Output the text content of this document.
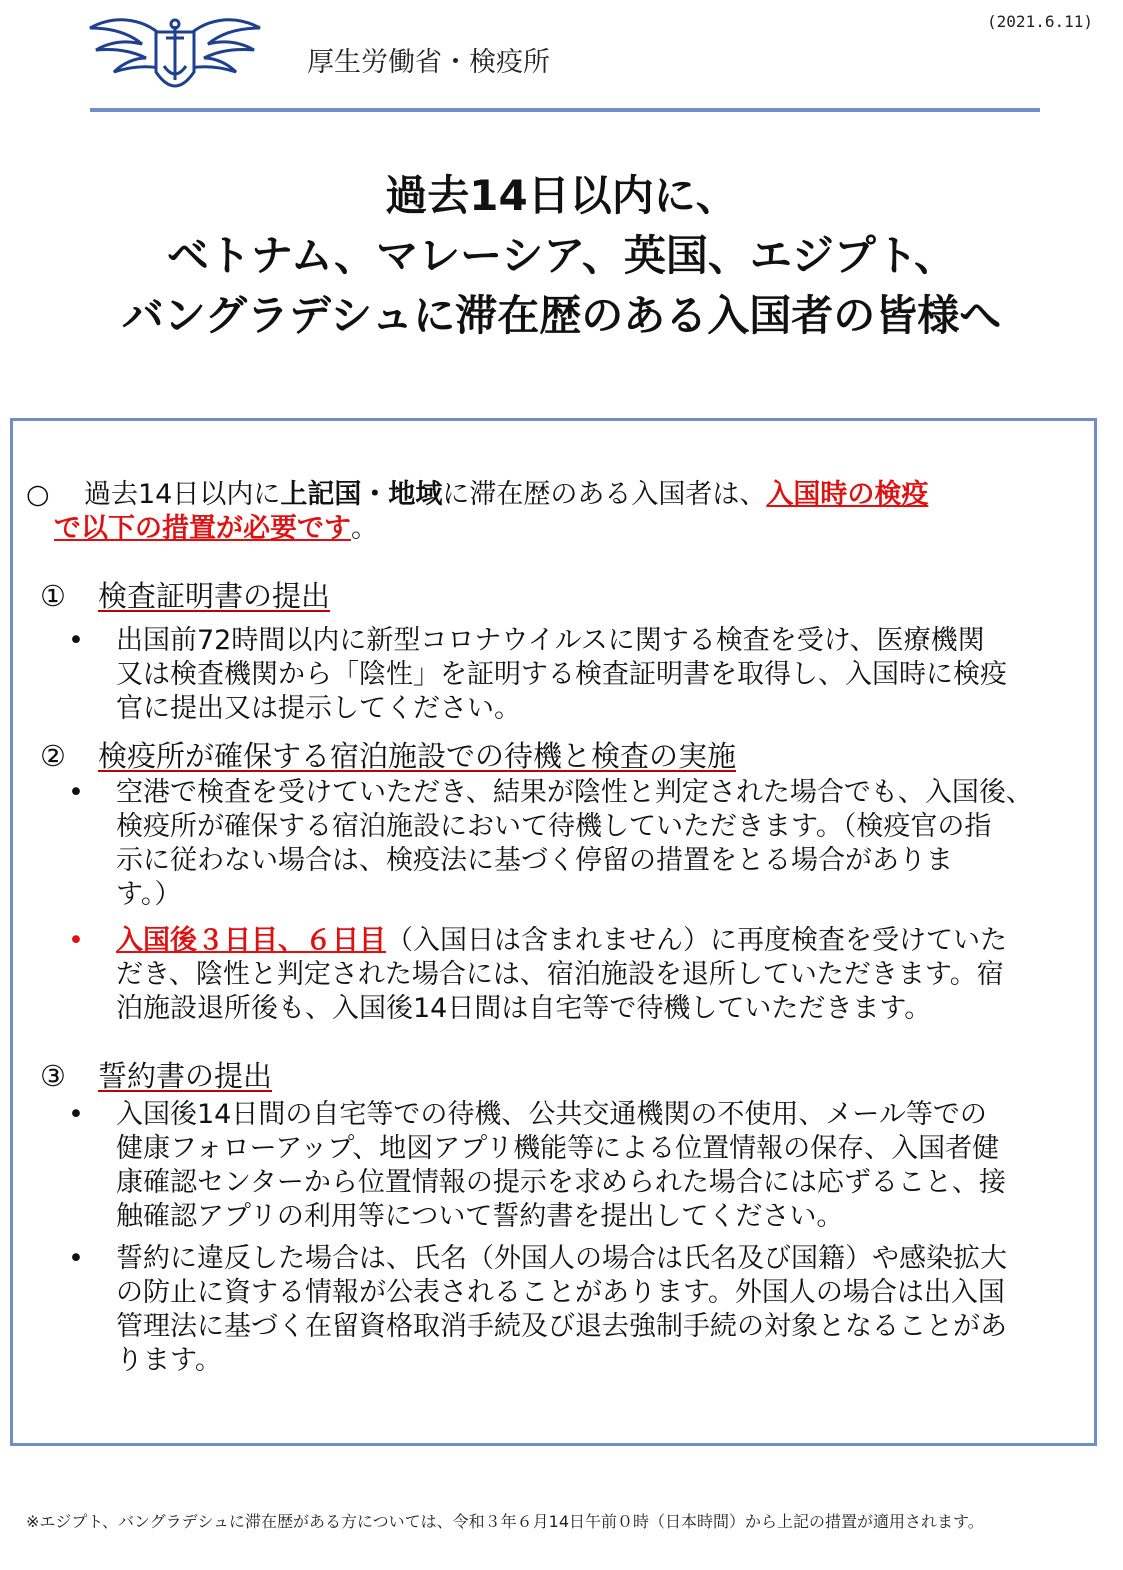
(2021.6.11)
厚生労働省・検疫所
過去14日以内に、
ベトナム、マレーシア、英国、エジプト、
バングラデシュに滞在歴のある入国者の皆様へ
○ 過去14日以内に上記国・地域に滞在歴のある入国者は、入国時の検疫
で以下の措置が必要です。
① 検査証明書の提出
•	出国前72時間以内に新型コロナウイルスに関する検査を受け、医療機関
又は検査機関から「陰性」を証明する検査証明書を取得し、入国時に検疫
官に提出又は提示してください。
② 検疫所が確保する宿泊施設での待機と検査の実施
•	空港で検査を受けていただき、結果が陰性と判定された場合でも、入国後、
検疫所が確保する宿泊施設において待機していただきます。（検疫官の指
示に従わない場合は、検疫法に基づく停留の措置をとる場合がありま
す。）
•	入国後３日目、６日目（入国日は含まれません）に再度検査を受けていた
だき、陰性と判定された場合には、宿泊施設を退所していただきます。宿
泊施設退所後も、入国後14日間は自宅等で待機していただきます。
③ 誓約書の提出
•	入国後14日間の自宅等での待機、公共交通機関の不使用、メール等での
健康フォローアップ、地図アプリ機能等による位置情報の保存、入国者健
康確認センターから位置情報の提示を求められた場合には応ずること、接
触確認アプリの利用等について誓約書を提出してください。
•	誓約に違反した場合は、氏名（外国人の場合は氏名及び国籍）や感染拡大
の防止に資する情報が公表されることがあります。外国人の場合は出入国
管理法に基づく在留資格取消手続及び退去強制手続の対象となることがあ
ります。
※エジプト、バングラデシュに滞在歴がある方については、令和３年６月14日午前０時（日本時間）から上記の措置が適用されます。
